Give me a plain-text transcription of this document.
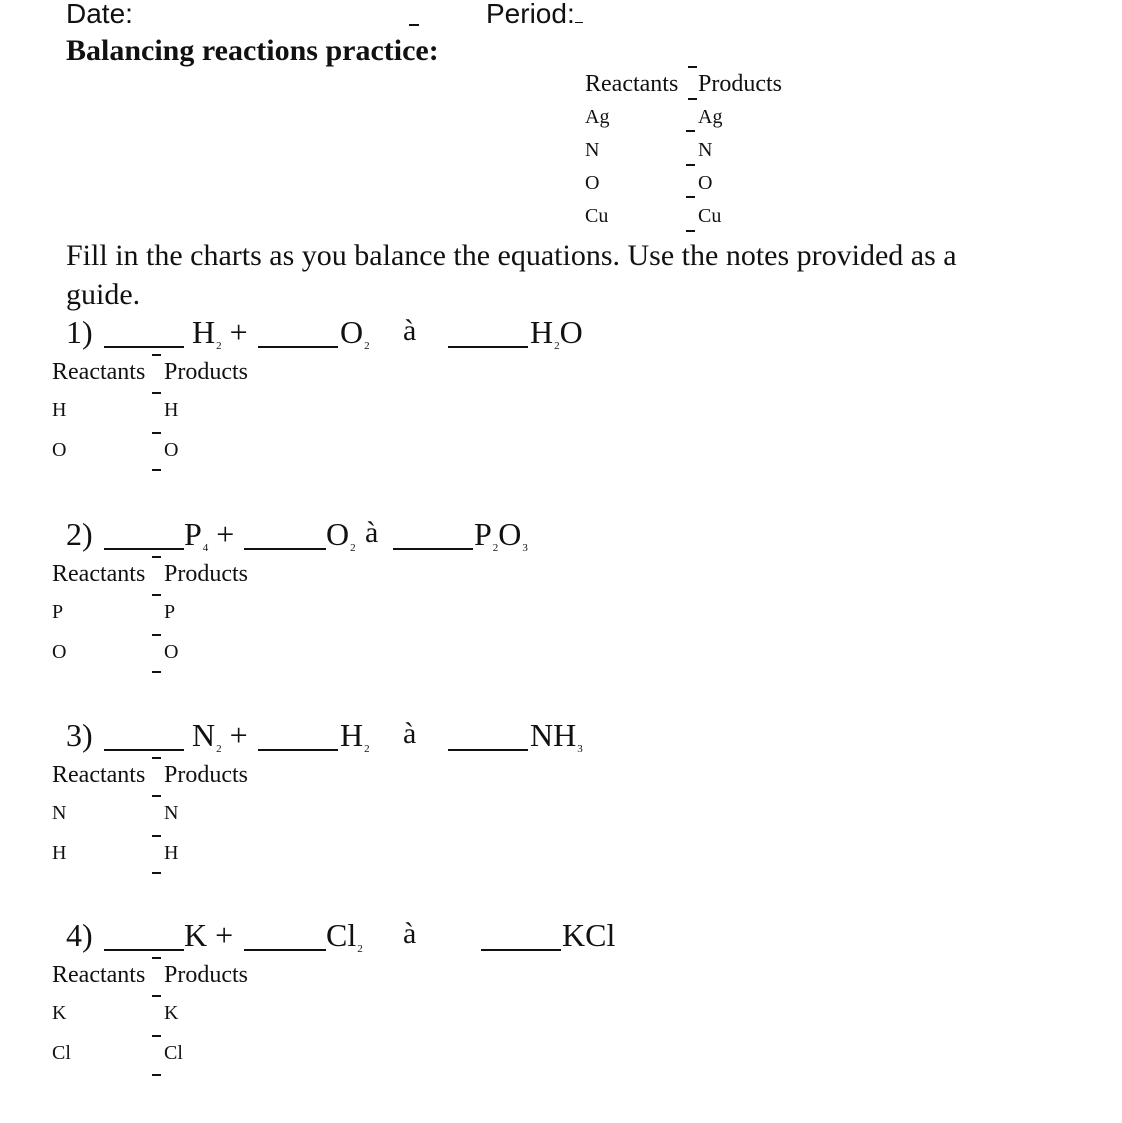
Date:	Period:
Balancing reactions practice:
Reactants Products
Ag	Ag
N	N
O	O
Cu	Cu
Fill in the charts as you balance the equations. Use the notes provided as a
guide.
1)	$H_2$ +	$O_2$ à	$H_2O$
Reactants Products
H	H
O	O
2)	$P_4$ +	$O_2$ à	$P_2O_3$
Reactants Products
P	P
O	O
3)	$N_2$ +	$H_2$ à	$NH_3$
Reactants Products
N	N
H	H
4)	K +	$Cl_2$ à	KCl
Reactants Products
K	K
Cl	Cl
